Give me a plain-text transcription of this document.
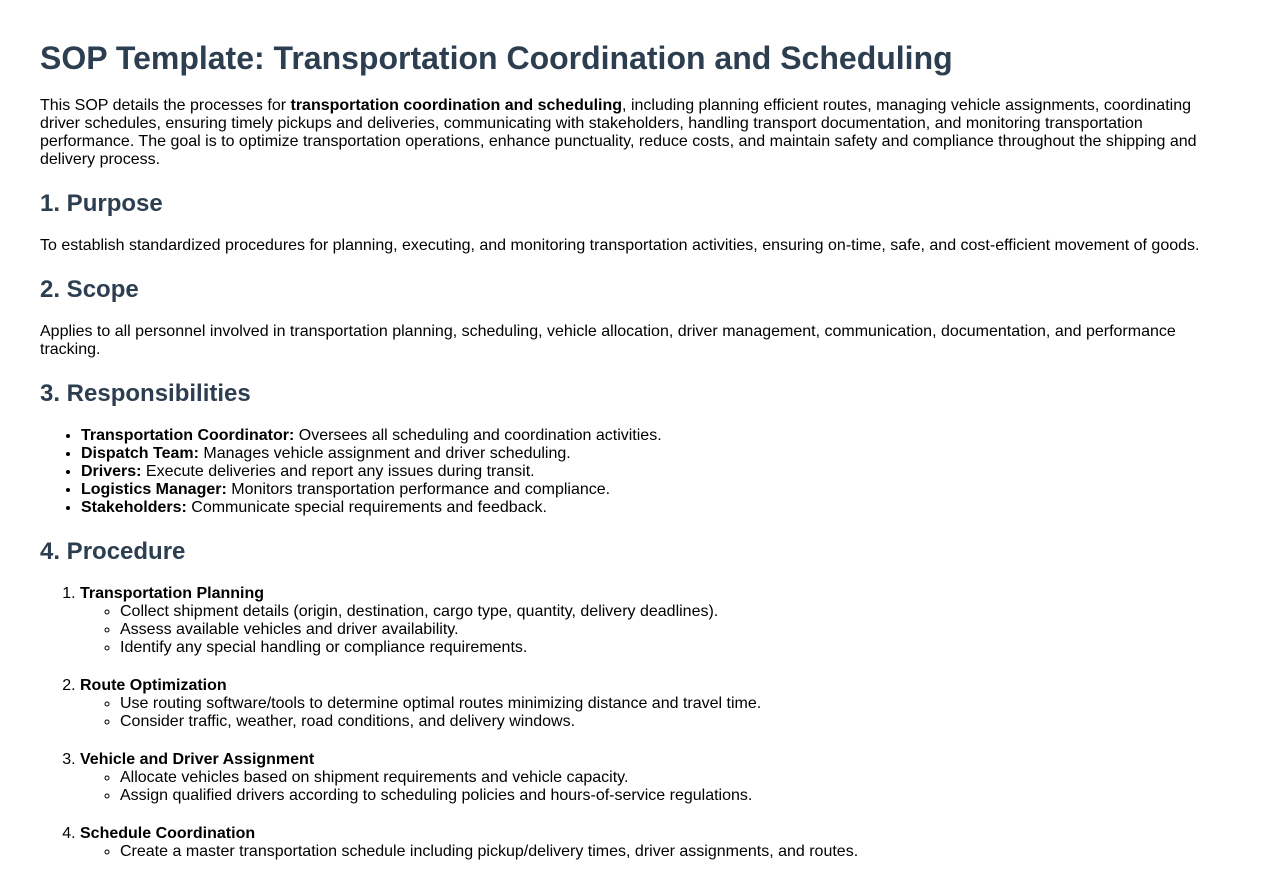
SOP Template: Transportation Coordination and Scheduling

This SOP details the processes for transportation coordination and scheduling, including planning efficient routes, managing vehicle assignments, coordinating driver schedules, ensuring timely pickups and deliveries, communicating with stakeholders, handling transport documentation, and monitoring transportation performance. The goal is to optimize transportation operations, enhance punctuality, reduce costs, and maintain safety and compliance throughout the shipping and delivery process.

1. Purpose

To establish standardized procedures for planning, executing, and monitoring transportation activities, ensuring on-time, safe, and cost-efficient movement of goods.

2. Scope

Applies to all personnel involved in transportation planning, scheduling, vehicle allocation, driver management, communication, documentation, and performance tracking.

3. Responsibilities
• Transportation Coordinator: Oversees all scheduling and coordination activities.
• Dispatch Team: Manages vehicle assignment and driver scheduling.
• Drivers: Execute deliveries and report any issues during transit.
• Logistics Manager: Monitors transportation performance and compliance.
• Stakeholders: Communicate special requirements and feedback.
4. Procedure
1. Transportation Planning
◦ Collect shipment details (origin, destination, cargo type, quantity, delivery deadlines).
◦ Assess available vehicles and driver availability.
◦ Identify any special handling or compliance requirements.
2. Route Optimization
◦ Use routing software/tools to determine optimal routes minimizing distance and travel time.
◦ Consider traffic, weather, road conditions, and delivery windows.
3. Vehicle and Driver Assignment
◦ Allocate vehicles based on shipment requirements and vehicle capacity.
◦ Assign qualified drivers according to scheduling policies and hours-of-service regulations.
4. Schedule Coordination
◦ Create a master transportation schedule including pickup/delivery times, driver assignments, and routes.
